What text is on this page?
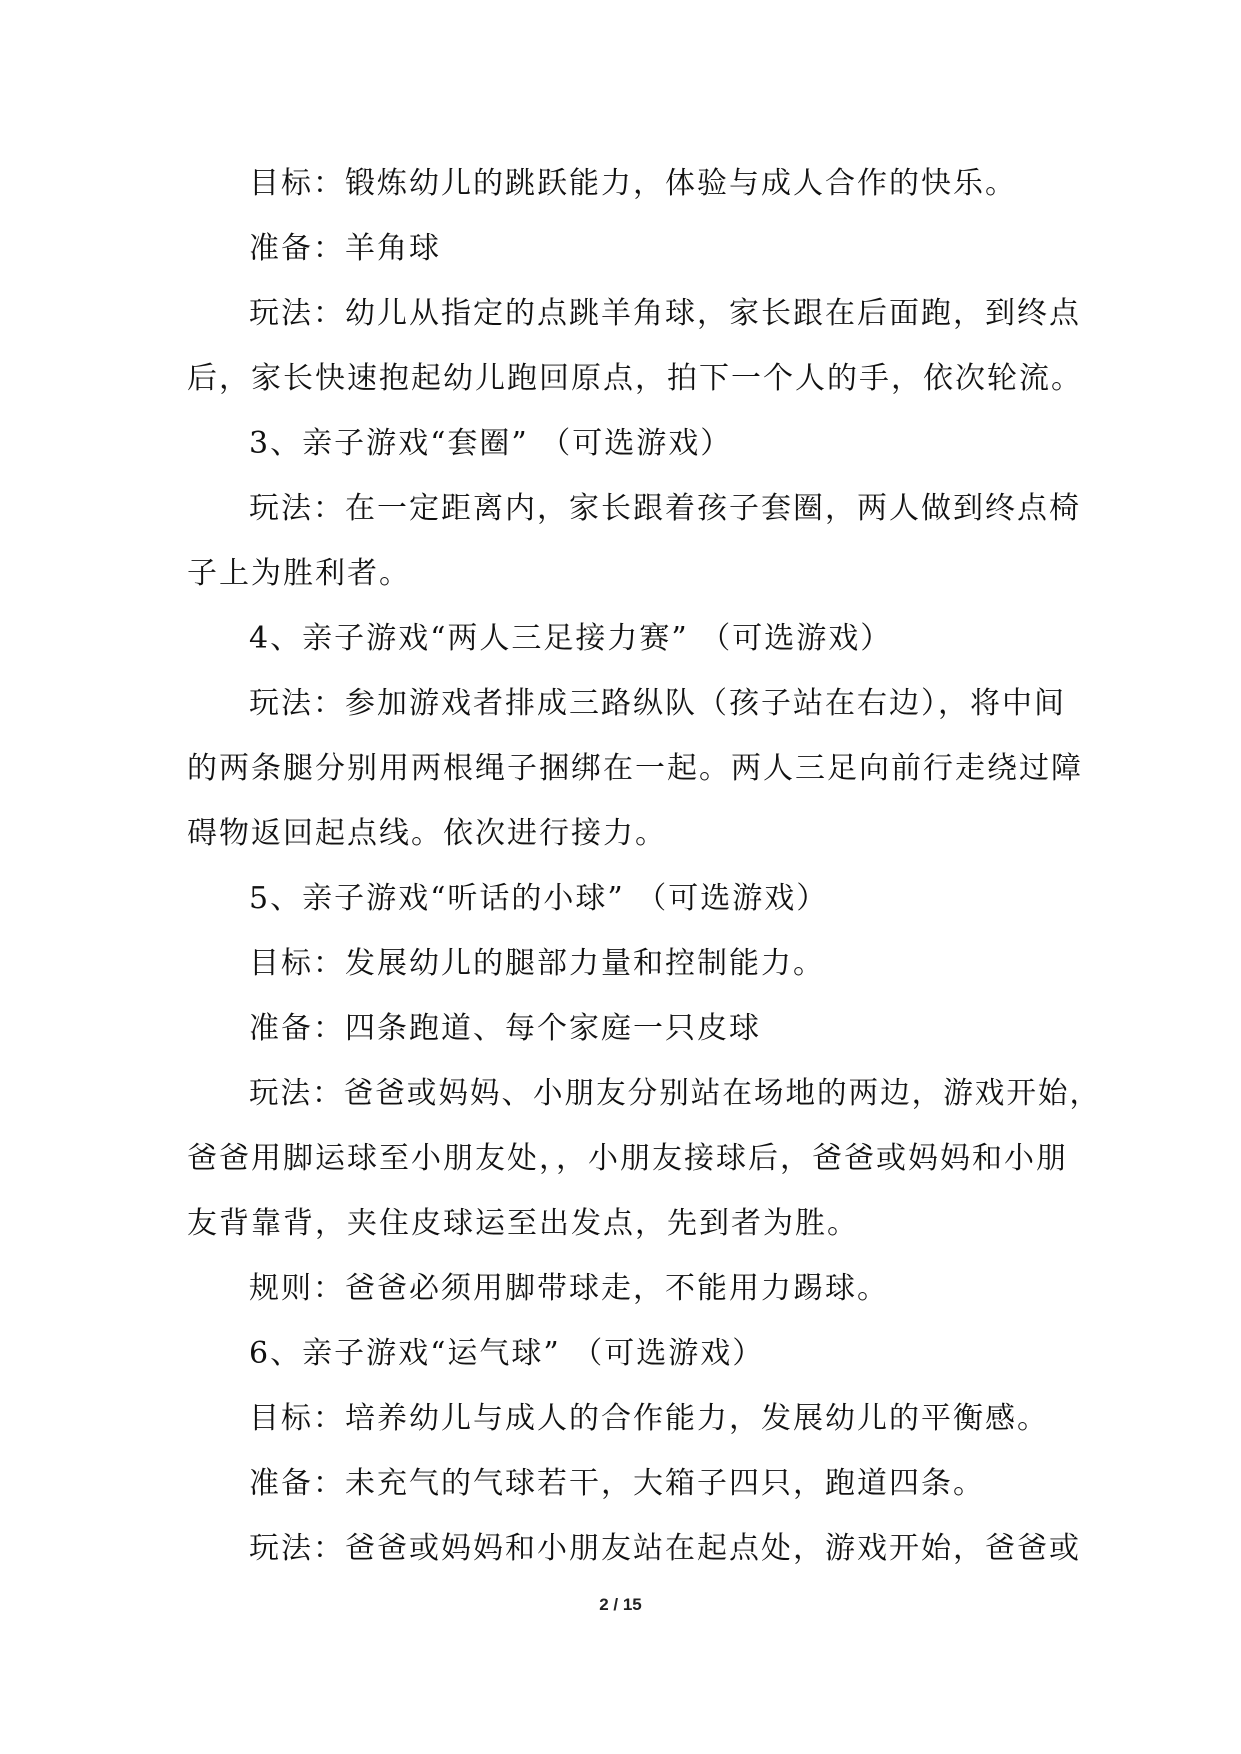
目标：锻炼幼儿的跳跃能力，体验与成人合作的快乐。
准备：羊角球
玩法：幼儿从指定的点跳羊角球，家长跟在后面跑，到终点
后，家长快速抱起幼儿跑回原点，拍下一个人的手，依次轮流。
3、亲子游戏“套圈” （可选游戏）
玩法：在一定距离内，家长跟着孩子套圈，两人做到终点椅
子上为胜利者。
4、亲子游戏“两人三足接力赛” （可选游戏）
玩法：参加游戏者排成三路纵队（孩子站在右边），将中间
的两条腿分别用两根绳子捆绑在一起。两人三足向前行走绕过障
碍物返回起点线。依次进行接力。
5、亲子游戏“听话的小球” （可选游戏）
目标：发展幼儿的腿部力量和控制能力。
准备：四条跑道、每个家庭一只皮球
玩法：爸爸或妈妈、小朋友分别站在场地的两边，游戏开始，
爸爸用脚运球至小朋友处，，小朋友接球后，爸爸或妈妈和小朋
友背靠背，夹住皮球运至出发点，先到者为胜。
规则：爸爸必须用脚带球走，不能用力踢球。
6、亲子游戏“运气球” （可选游戏）
目标：培养幼儿与成人的合作能力，发展幼儿的平衡感。
准备：未充气的气球若干，大箱子四只，跑道四条。
玩法：爸爸或妈妈和小朋友站在起点处，游戏开始，爸爸或
2 / 15
